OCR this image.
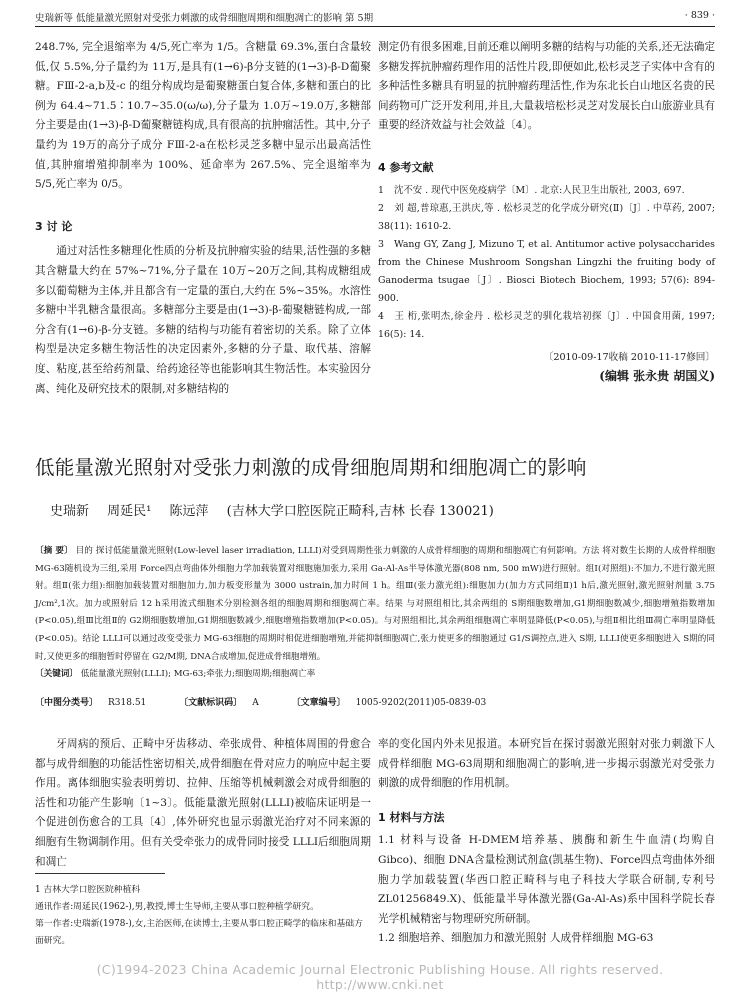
史瑞新等 低能量激光照射对受张力刺激的成骨细胞周期和细胞凋亡的影响 第 5期	· 839 ·

248.7%, 完全退缩率为 4/5,死亡率为 1/5。含糖量 69.3%,蛋白含量较低,仅 5.5%,分子量约为 11万,是具有(1→6)-β分支链的(1→3)-β-D葡聚糖。FⅢ-2-a,b及-c 的组分构成均是葡聚糖蛋白复合体,多糖和蛋白的比例为 64.4~71.5∶10.7~35.0(ω/ω),分子量为 1.0万~19.0万,多糖部分主要是由(1→3)-β-D葡聚糖链构成,具有很高的抗肿瘤活性。其中,分子量约为 19万的高分子成分 FⅢ-2-a在松杉灵芝多糖中显示出最高活性值,其肿瘤增殖抑制率为 100%、延命率为 267.5%、完全退缩率为 5/5,死亡率为 0/5。

3 讨 论

通过对活性多糖理化性质的分析及抗肿瘤实验的结果,活性强的多糖其含糖量大约在 57%~71%,分子量在 10万~20万之间,其构成糖组成多以葡萄糖为主体,并且都含有一定量的蛋白,大约在 5%~35%。水溶性多糖中半乳糖含量很高。多糖部分主要是由(1→3)-β-葡聚糖链构成,一部分含有(1→6)-β-分支链。多糖的结构与功能有着密切的关系。除了立体构型是决定多糖生物活性的决定因素外,多糖的分子量、取代基、溶解度、粘度,甚至给药剂量、给药途径等也能影响其生物活性。本实验因分离、纯化及研究技术的限制,对多糖结构的

测定仍有很多困难,目前还难以阐明多糖的结构与功能的关系,还无法确定多糖发挥抗肿瘤药理作用的活性片段,即便如此,松杉灵芝子实体中含有的多种活性多糖具有明显的抗肿瘤药理活性,作为东北长白山地区名贵的民间药物可广泛开发利用,并且,大量栽培松杉灵芝对发展长白山旅游业具有重要的经济效益与社会效益〔4〕。

4 参考文献

1 沈不安 . 现代中医免疫病学〔M〕. 北京:人民卫生出版社, 2003, 697.

2 刘 超,普琼惠,王洪庆,等 . 松杉灵芝的化学成分研究(Ⅱ)〔J〕. 中草药, 2007; 38(11): 1610-2.

3 Wang GY, Zang J, Mizuno T, et al. Antitumor active polysaccharides from the Chinese Mushroom Songshan Lingzhi the fruiting body of Ganoderma tsugae〔J〕. Biosci Biotech Biochem, 1993; 57(6): 894-900.

4 王 桁,张明杰,徐金丹 . 松杉灵芝的驯化栽培初探〔J〕. 中国食用菌, 1997; 16(5): 14.

〔2010-09-17收稿 2010-11-17修回〕

(编辑 张永贵 胡国义)

低能量激光照射对受张力刺激的成骨细胞周期和细胞凋亡的影响
史瑞新 周延民¹ 陈远萍 (吉林大学口腔医院正畸科,吉林 长春 130021)

〔摘 要〕 目的 探讨低能量激光照射(Low-level laser irradiation, LLLI)对受到周期性张力刺激的人成骨样细胞的周期和细胞凋亡有何影响。方法 将对数生长期的人成骨样细胞 MG-63随机设为三组,采用 Force四点弯曲体外细胞力学加载装置对细胞施加张力,采用 Ga-Al-As半导体激光器(808 nm, 500 mW)进行照射。组Ⅰ(对照组):不加力,不进行激光照射。组Ⅱ(张力组):细胞加载装置对细胞加力,加力板变形量为 3000 ustrain,加力时间 1 h。组Ⅲ(张力激光组):细胞加力(加力方式同组Ⅱ)1 h后,激光照射,激光照射剂量 3.75 J/cm²,1次。加力或照射后 12 h采用流式细胞术分别检测各组的细胞周期和细胞凋亡率。结果 与对照组相比,其余两组的 S期细胞数增加,G1期细胞数减少,细胞增殖指数增加(P<0.05),组Ⅲ比组Ⅱ的 G2期细胞数增加,G1期细胞数减少,细胞增殖指数增加(P<0.05)。与对照组相比,其余两组细胞凋亡率明显降低(P<0.05),与组Ⅱ相比组Ⅲ凋亡率明显降低(P<0.05)。结论 LLLI可以通过改变受张力 MG-63细胞的周期时相促进细胞增殖,并能抑制细胞凋亡,张力使更多的细胞通过 G1/S调控点,进入 S期, LLLI使更多细胞进入 S期的同时,又使更多的细胞暂时停留在 G2/M期, DNA合成增加,促进成骨细胞增殖。

〔关键词〕 低能量激光照射(LLLI); MG-63;牵张力;细胞周期;细胞凋亡率

〔中图分类号〕 R318.51	〔文献标识码〕 A	〔文章编号〕 1005-9202(2011)05-0839-03

牙周病的预后、正畸中牙齿移动、牵张成骨、种植体周围的骨愈合都与成骨细胞的功能活性密切相关,成骨细胞在骨对应力的响应中起主要作用。离体细胞实验表明剪切、拉伸、压缩等机械刺激会对成骨细胞的活性和功能产生影响〔1~3〕。低能量激光照射(LLLI)被临床证明是一个促进创伤愈合的工具〔4〕,体外研究也显示弱激光治疗对不同来源的细胞有生物调制作用。但有关受牵张力的成骨同时接受 LLLI后细胞周期和凋亡

率的变化国内外未见报道。本研究旨在探讨弱激光照射对张力刺激下人成骨样细胞 MG-63周期和细胞凋亡的影响,进一步揭示弱激光对受张力刺激的成骨细胞的作用机制。

1 材料与方法

1.1 材料与设备 H-DMEM培养基、胰酶和新生牛血清(均购自 Gibco)、细胞 DNA含量检测试剂盒(凯基生物)、Force四点弯曲体外细胞力学加载装置(华西口腔正畸科与电子科技大学联合研制,专利号 ZL01256849.X)、低能量半导体激光器(Ga-Al-As)系中国科学院长春光学机械精密与物理研究所研制。

1.2 细胞培养、细胞加力和激光照射 人成骨样细胞 MG-63

1 吉林大学口腔医院种植科

通讯作者:周延民(1962-),男,教授,博士生导师,主要从事口腔种植学研究。

第一作者:史瑞新(1978-),女,主治医师,在读博士,主要从事口腔正畸学的临床和基础方面研究。

(C)1994-2023 China Academic Journal Electronic Publishing House. All rights reserved. http://www.cnki.net
